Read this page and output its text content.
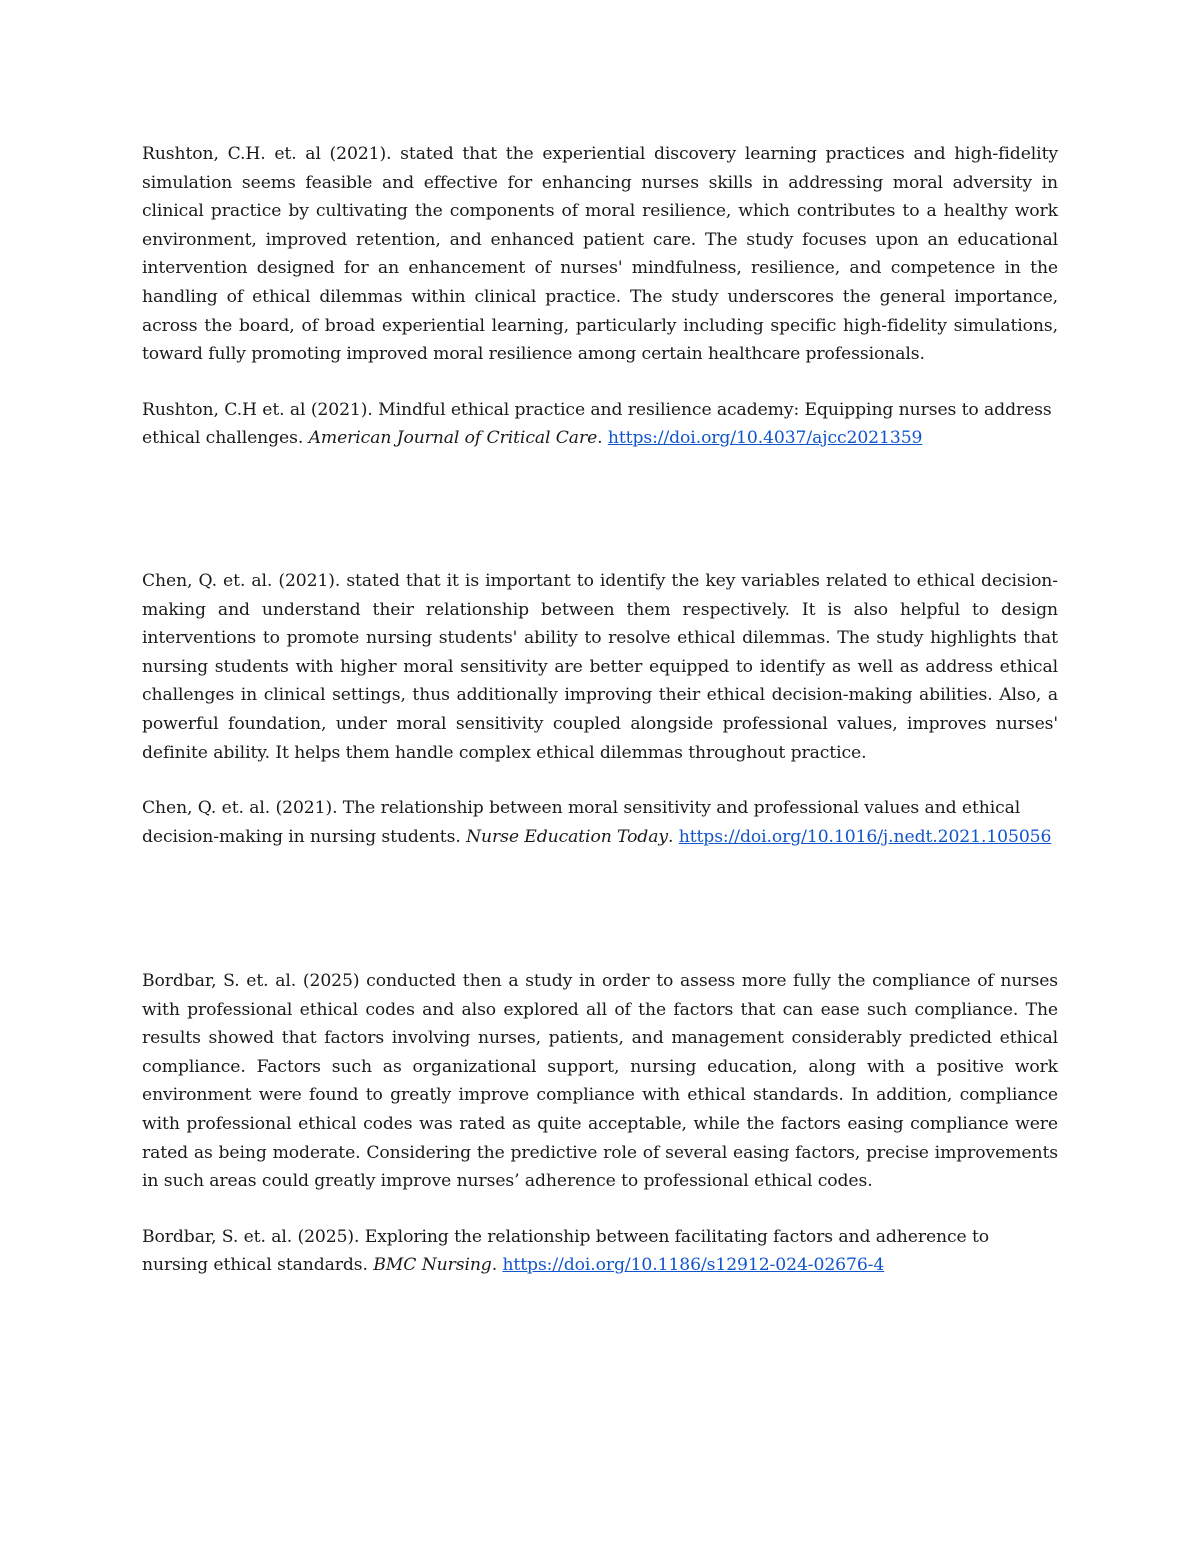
Rushton, C.H. et. al (2021). stated that the experiential discovery learning practices and high-fidelity simulation seems feasible and effective for enhancing nurses skills in addressing moral adversity in clinical practice by cultivating the components of moral resilience, which contributes to a healthy work environment, improved retention, and enhanced patient care. The study focuses upon an educational intervention designed for an enhancement of nurses' mindfulness, resilience, and competence in the handling of ethical dilemmas within clinical practice. The study underscores the general importance, across the board, of broad experiential learning, particularly including specific high-fidelity simulations, toward fully promoting improved moral resilience among certain healthcare professionals.

Rushton, C.H et. al (2021). Mindful ethical practice and resilience academy: Equipping nurses to address ethical challenges. American Journal of Critical Care. https://doi.org/10.4037/ajcc2021359

Chen, Q. et. al. (2021). stated that it is important to identify the key variables related to ethical decision-making and understand their relationship between them respectively. It is also helpful to design interventions to promote nursing students' ability to resolve ethical dilemmas. The study highlights that nursing students with higher moral sensitivity are better equipped to identify as well as address ethical challenges in clinical settings, thus additionally improving their ethical decision-making abilities. Also, a powerful foundation, under moral sensitivity coupled alongside professional values, improves nurses' definite ability. It helps them handle complex ethical dilemmas throughout practice.

Chen, Q. et. al. (2021). The relationship between moral sensitivity and professional values and ethical decision-making in nursing students. Nurse Education Today. https://doi.org/10.1016/j.nedt.2021.105056

Bordbar, S. et. al. (2025) conducted then a study in order to assess more fully the compliance of nurses with professional ethical codes and also explored all of the factors that can ease such compliance. The results showed that factors involving nurses, patients, and management considerably predicted ethical compliance. Factors such as organizational support, nursing education, along with a positive work environment were found to greatly improve compliance with ethical standards. In addition, compliance with professional ethical codes was rated as quite acceptable, while the factors easing compliance were rated as being moderate. Considering the predictive role of several easing factors, precise improvements in such areas could greatly improve nurses’ adherence to professional ethical codes.

Bordbar, S. et. al. (2025). Exploring the relationship between facilitating factors and adherence to nursing ethical standards. BMC Nursing. https://doi.org/10.1186/s12912-024-02676-4
